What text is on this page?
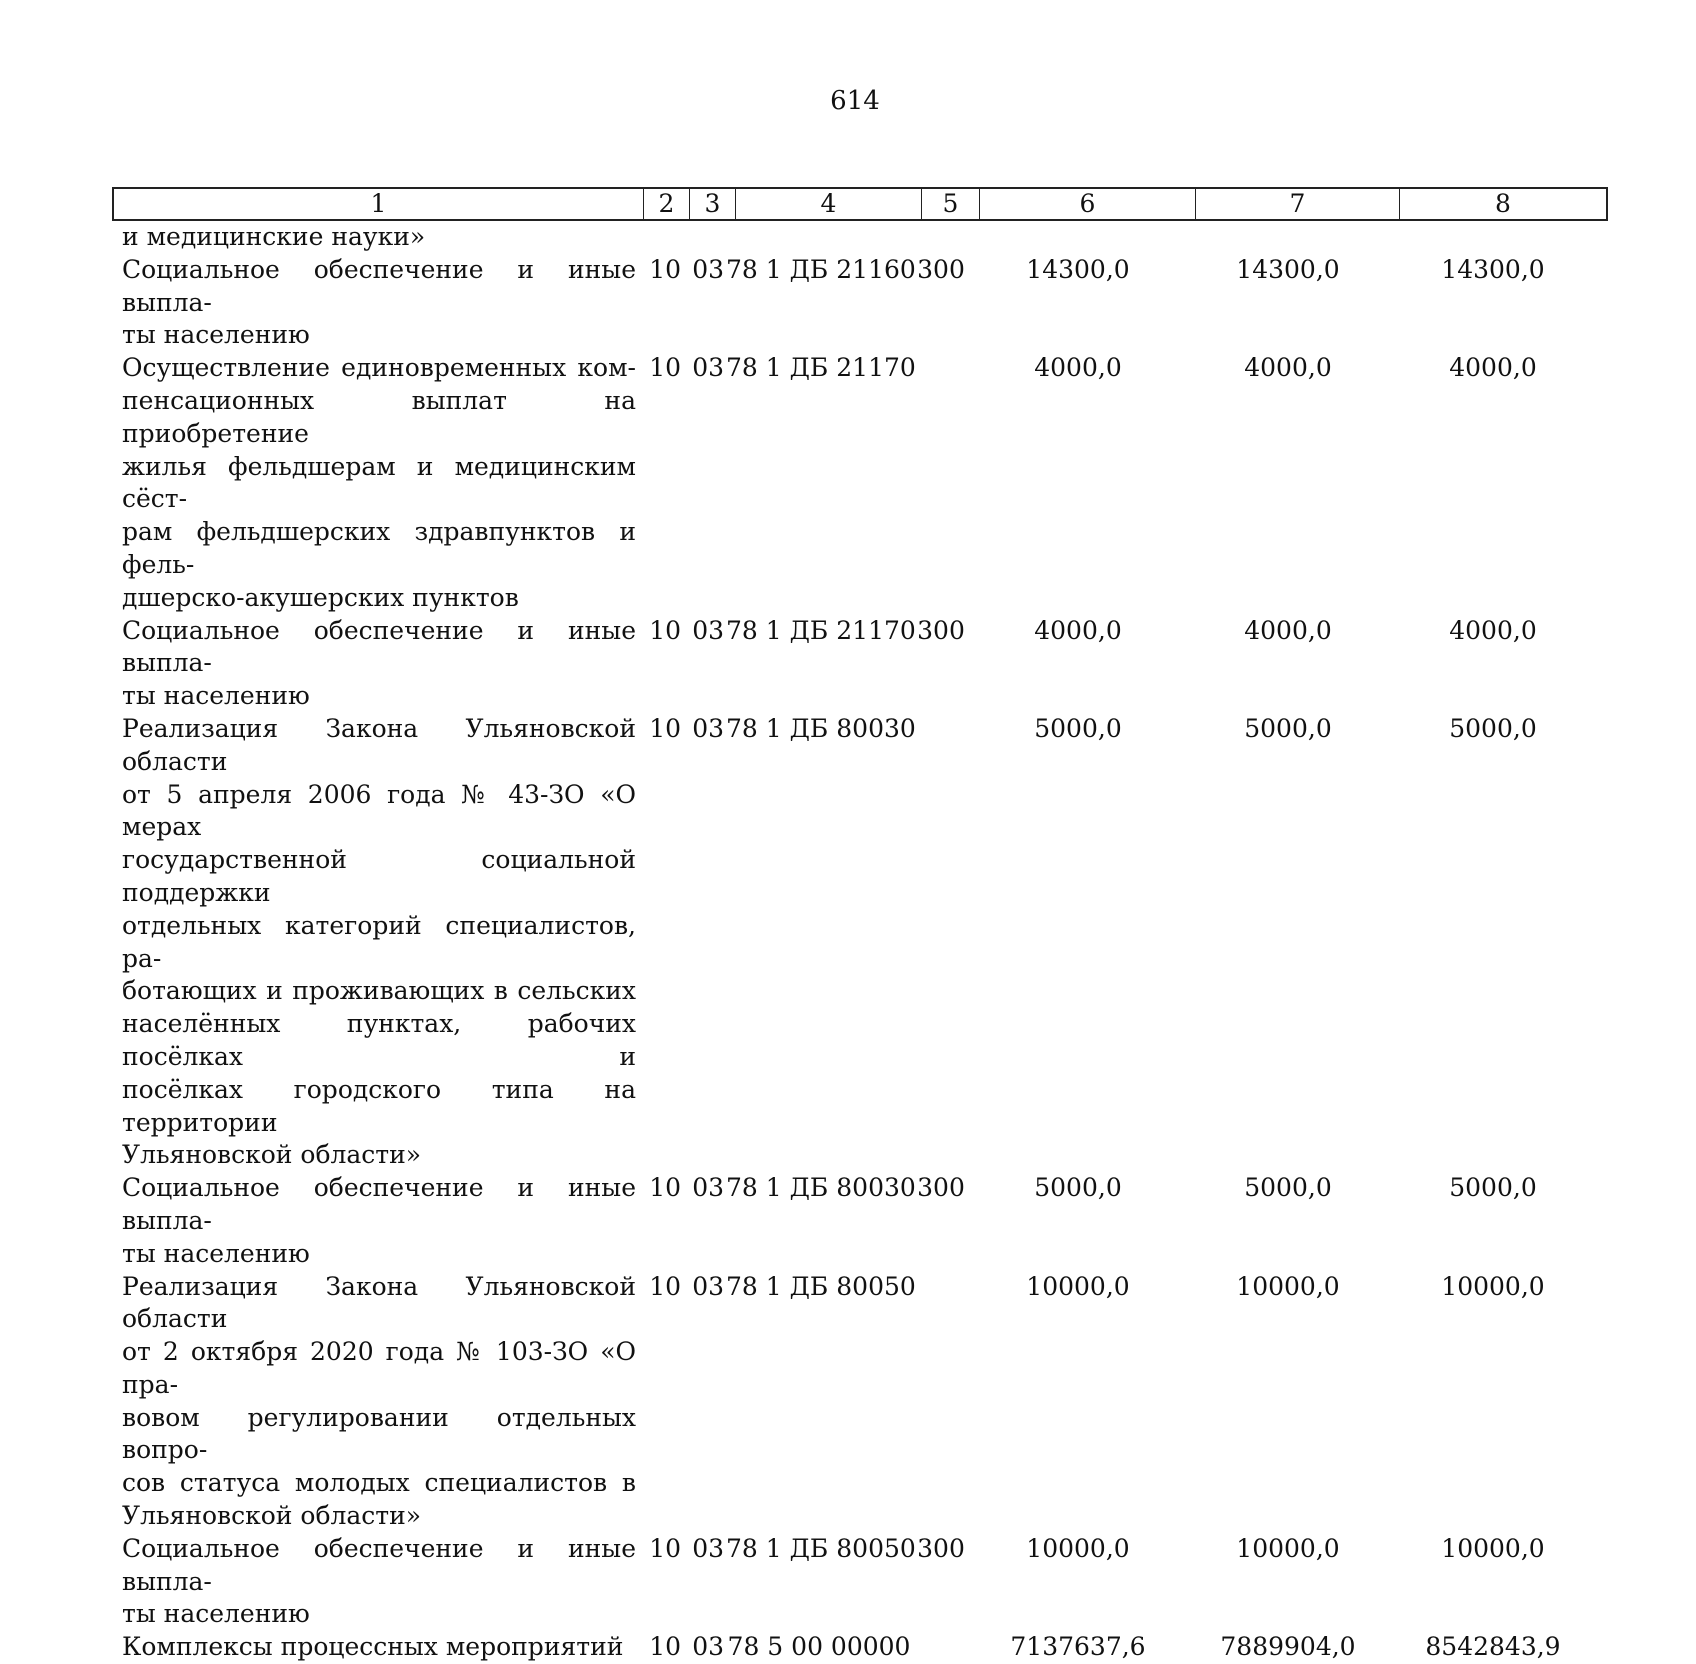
614
1	2	3	4	5	6	7	8
и медицинские науки»
Социальное обеспечение и иные выпла-
ты населению
10 03 78 1 ДБ 21160 300	14300,0	14300,0	14300,0
Осуществление единовременных ком-
пенсационных выплат на приобретение
жилья фельдшерам и медицинским сёст-
рам фельдшерских здравпунктов и фель-
дшерско-акушерских пунктов
10 03 78 1 ДБ 21170	4000,0	4000,0	4000,0
Социальное обеспечение и иные выпла-
ты населению
10 03 78 1 ДБ 21170 300	4000,0	4000,0	4000,0
Реализация Закона Ульяновской области
от 5 апреля 2006 года № 43-ЗО «О мерах
государственной социальной поддержки
отдельных категорий специалистов, ра-
ботающих и проживающих в сельских
населённых пунктах, рабочих посёлках и
посёлках городского типа на территории
Ульяновской области»
10 03 78 1 ДБ 80030	5000,0	5000,0	5000,0
Социальное обеспечение и иные выпла-
ты населению
10 03 78 1 ДБ 80030 300	5000,0	5000,0	5000,0
Реализация Закона Ульяновской области
от 2 октября 2020 года № 103-ЗО «О пра-
вовом регулировании отдельных вопро-
сов статуса молодых специалистов в
Ульяновской области»
10 03 78 1 ДБ 80050	10000,0	10000,0	10000,0
Социальное обеспечение и иные выпла-
ты населению
10 03 78 1 ДБ 80050 300	10000,0	10000,0	10000,0
Комплексы процессных мероприятий	10 03 78 5 00 00000	7137637,6	7889904,0	8542843,9
